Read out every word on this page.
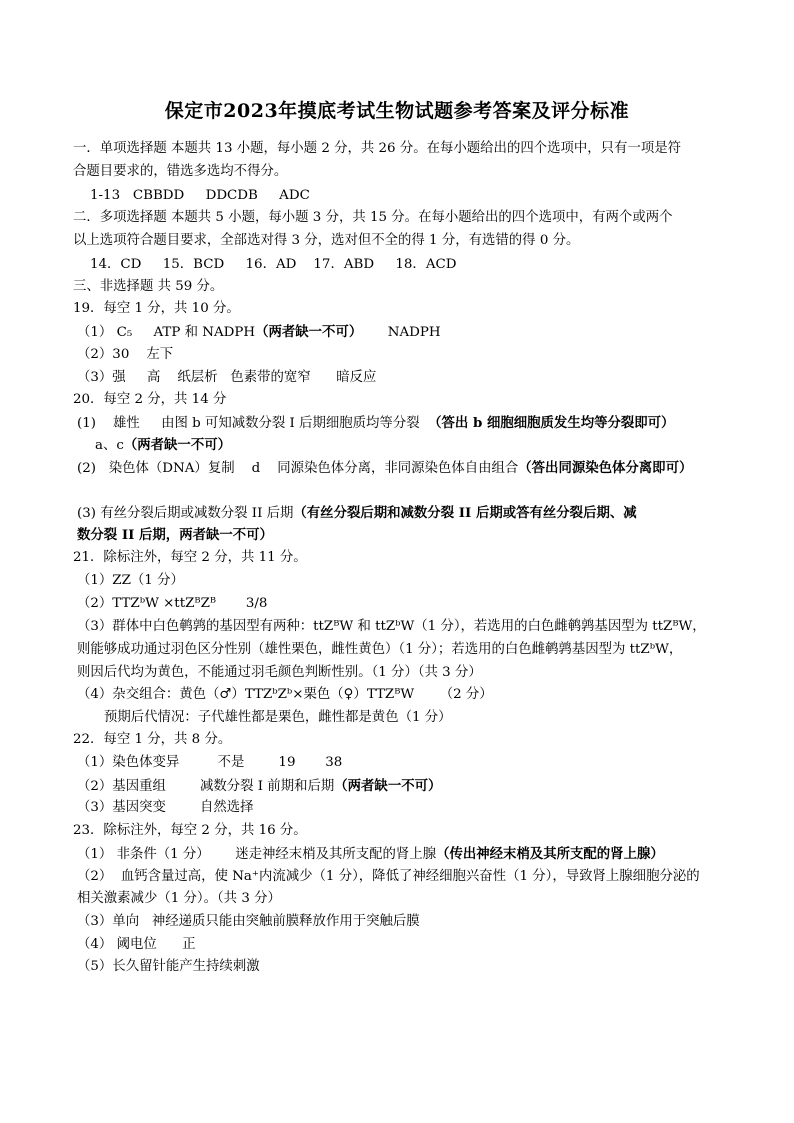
保定市2023年摸底考试生物试题参考答案及评分标准
一．单项选择题 本题共 13 小题，每小题 2 分，共 26 分。在每小题给出的四个选项中，只有一项是符
合题目要求的，错选多选均不得分。
1-13 CBBDD DDCDB ADC
二．多项选择题 本题共 5 小题，每小题 3 分，共 15 分。在每小题给出的四个选项中，有两个或两个
以上选项符合题目要求，全部选对得 3 分，选对但不全的得 1 分，有选错的得 0 分。
14．CD 15．BCD 16．AD 17．ABD 18．ACD
三、非选择题 共 59 分。
19．每空 1 分，共 10 分。
（1） C₅ ATP 和 NADPH（两者缺一不可） NADPH
（2）30 左下
（3）强 高 纸层析 色素带的宽窄 暗反应
20．每空 2 分，共 14 分
(1) 雄性 由图 b 可知减数分裂 I 后期细胞质均等分裂 （答出 b 细胞细胞质发生均等分裂即可）
a、c（两者缺一不可）
(2) 染色体（DNA）复制 d 同源染色体分离，非同源染色体自由组合（答出同源染色体分离即可）
(3) 有丝分裂后期或减数分裂 II 后期（有丝分裂后期和减数分裂 II 后期或答有丝分裂后期、减
数分裂 II 后期，两者缺一不可）
21．除标注外，每空 2 分，共 11 分。
（1）ZZ（1 分）
（2）TTZᵇW ×ttZᴮZᴮ 3/8
（3）群体中白色鹌鹑的基因型有两种：ttZᴮW 和 ttZᵇW（1 分），若选用的白色雌鹌鹑基因型为 ttZᴮW，
则能够成功通过羽色区分性别（雄性栗色，雌性黄色）（1 分）；若选用的白色雌鹌鹑基因型为 ttZᵇW，
则因后代均为黄色，不能通过羽毛颜色判断性别。（1 分）（共 3 分）
（4）杂交组合：黄色（♂）TTZᵇZᵇ×栗色（♀）TTZᴮW （2 分）
预期后代情况：子代雄性都是栗色，雌性都是黄色（1 分）
22．每空 1 分，共 8 分。
（1）染色体变异	不是	19 38
（2）基因重组	减数分裂 I 前期和后期（两者缺一不可）
（3）基因突变	自然选择
23．除标注外，每空 2 分，共 16 分。
（1） 非条件（1 分） 迷走神经末梢及其所支配的肾上腺（传出神经末梢及其所支配的肾上腺）
（2） 血钙含量过高，使 Na⁺内流减少（1 分），降低了神经细胞兴奋性（1 分），导致肾上腺细胞分泌的
相关激素减少（1 分）。（共 3 分）
（3）单向 神经递质只能由突触前膜释放作用于突触后膜
（4） 阈电位 正
（5）长久留针能产生持续刺激
